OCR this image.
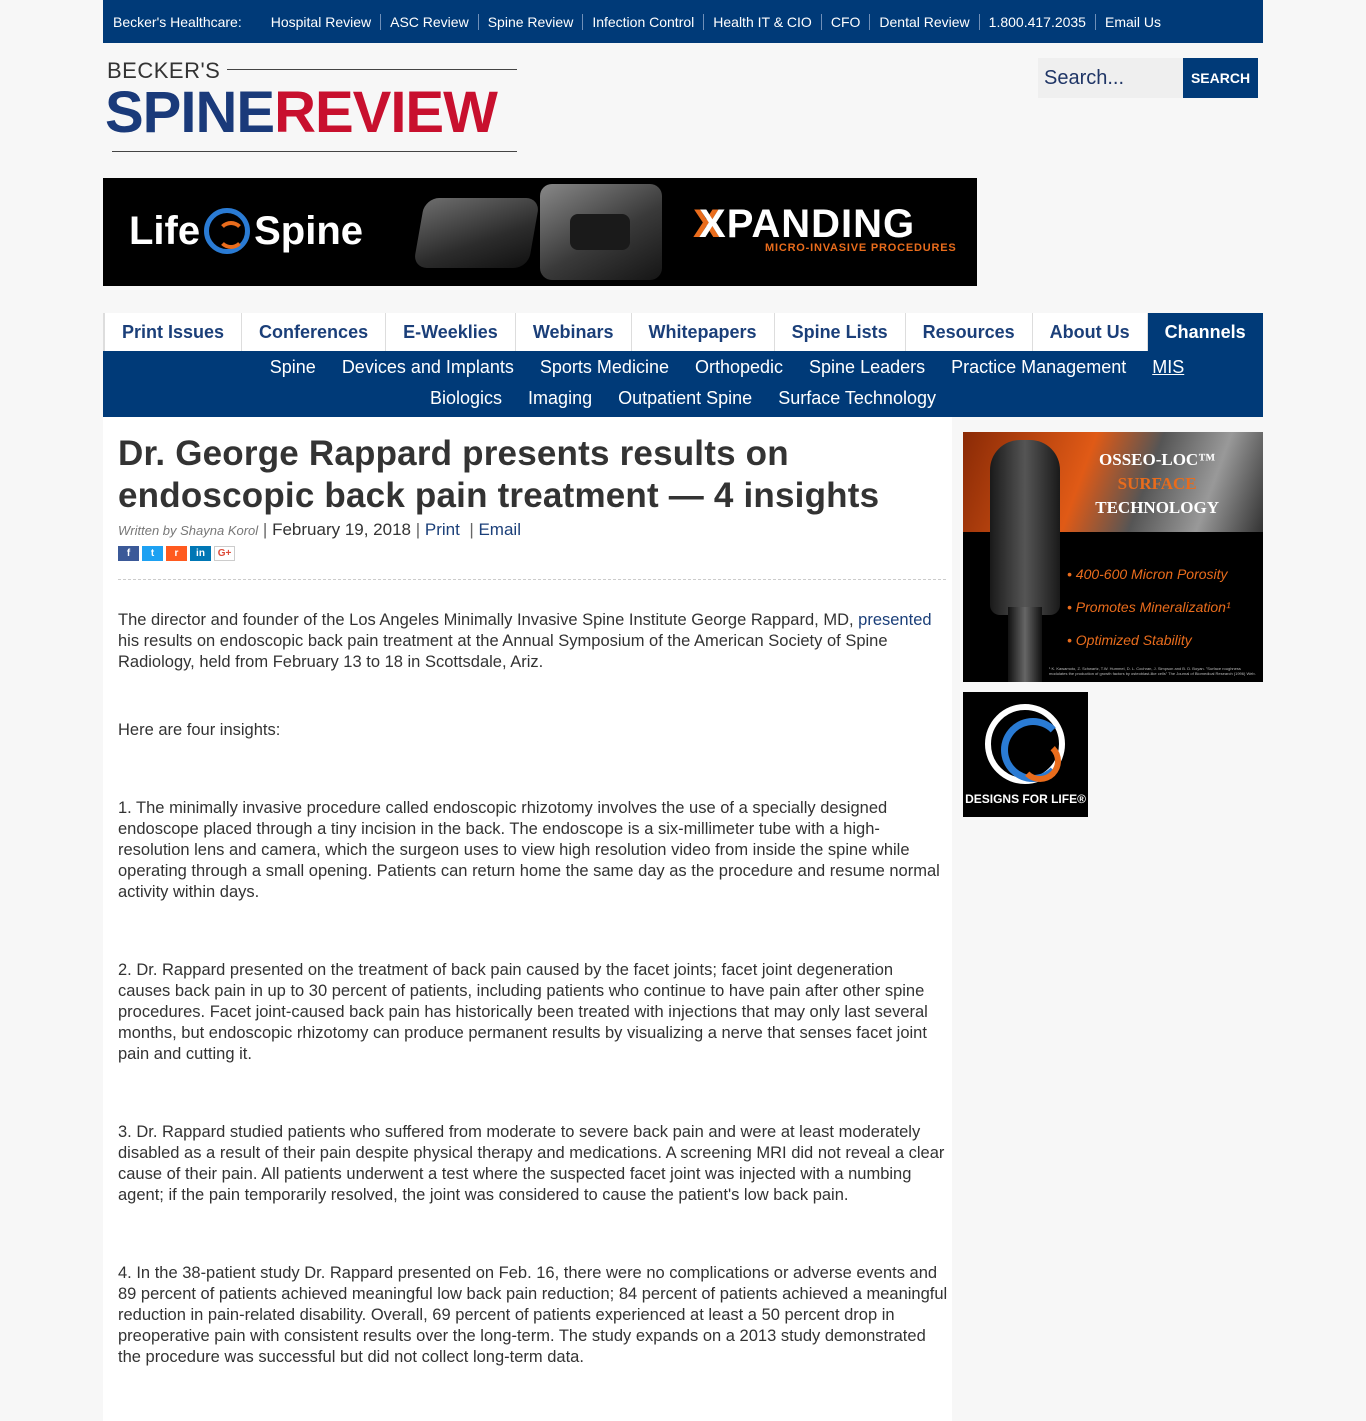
Becker's Healthcare:	Hospital Review	ASC Review	Spine Review	Infection Control	Health IT & CIO	CFO	Dental Review	1.800.417.2035	Email Us
BECKER'S
SPINEREVIEW
Search...
SEARCH
Life Spine	XPANDING
MICRO-INVASIVE PROCEDURES
Print Issues	Conferences	E-Weeklies	Webinars	Whitepapers	Spine Lists	Resources	About Us	Channels
Spine Devices and Implants Sports Medicine Orthopedic Spine Leaders Practice Management MIS
Biologics Imaging Outpatient Spine Surface Technology
Dr. George Rappard presents results on endoscopic back pain treatment — 4 insights
Written by Shayna Korol | February 19, 2018 | Print  | Email
f	t	r	in	G+

The director and founder of the Los Angeles Minimally Invasive Spine Institute George Rappard, MD, presented his results on endoscopic back pain treatment at the Annual Symposium of the American Society of Spine Radiology, held from February 13 to 18 in Scottsdale, Ariz.

Here are four insights:

1. The minimally invasive procedure called endoscopic rhizotomy involves the use of a specially designed endoscope placed through a tiny incision in the back. The endoscope is a six-millimeter tube with a high-resolution lens and camera, which the surgeon uses to view high resolution video from inside the spine while operating through a small opening. Patients can return home the same day as the procedure and resume normal activity within days.

2. Dr. Rappard presented on the treatment of back pain caused by the facet joints; facet joint degeneration causes back pain in up to 30 percent of patients, including patients who continue to have pain after other spine procedures. Facet joint-caused back pain has historically been treated with injections that may only last several months, but endoscopic rhizotomy can produce permanent results by visualizing a nerve that senses facet joint pain and cutting it.

3. Dr. Rappard studied patients who suffered from moderate to severe back pain and were at least moderately disabled as a result of their pain despite physical therapy and medications. A screening MRI did not reveal a clear cause of their pain. All patients underwent a test where the suspected facet joint was injected with a numbing agent; if the pain temporarily resolved, the joint was considered to cause the patient's low back pain.

4. In the 38-patient study Dr. Rappard presented on Feb. 16, there were no complications or adverse events and 89 percent of patients achieved meaningful low back pain reduction; 84 percent of patients achieved a meaningful reduction in pain-related disability. Overall, 69 percent of patients experienced at least a 50 percent drop in preoperative pain with consistent results over the long-term. The study expands on a 2013 study demonstrated the procedure was successful but did not collect long-term data.

OSSEO-LOC™
SURFACE
TECHNOLOGY
• 400-600 Micron Porosity
• Promotes Mineralization¹
• Optimized Stability
¹ K. Kawamoto, Z. Schwartz, T.W. Hummel, D. L. Cochran, J. Simpson and B. D. Boyan. "Surface roughness modulates the production of growth factors by osteoblast-like cells" The Journal of Biomedical Research (1996) Web.
DESIGNS FOR LIFE®
